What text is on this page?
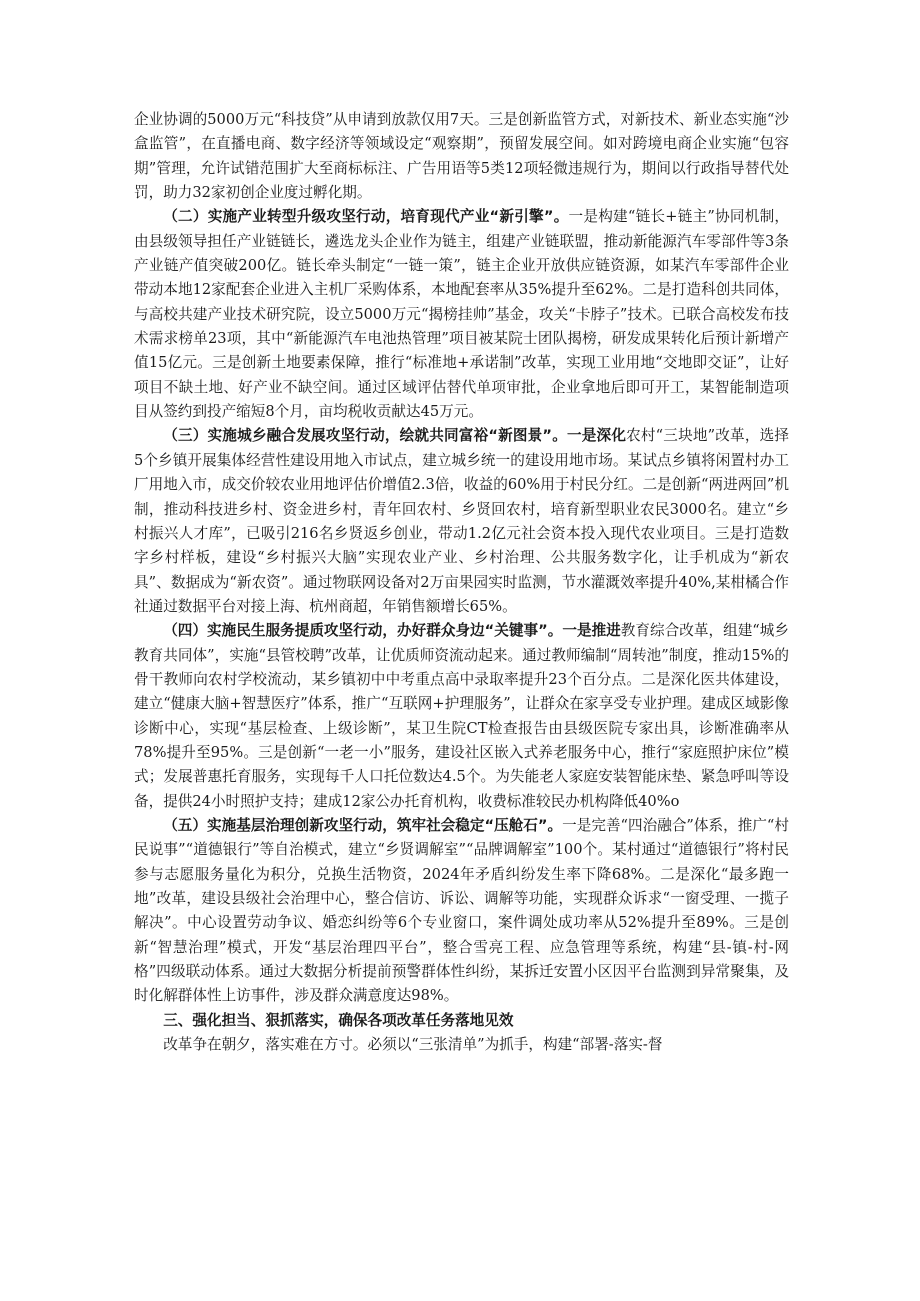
企业协调的5000万元“科技贷”从申请到放款仅用7天。三是创新监管方式，对新技术、新业态实施“沙盒监管”，在直播电商、数字经济等领域设定“观察期”，预留发展空间。如对跨境电商企业实施“包容期”管理，允许试错范围扩大至商标标注、广告用语等5类12项轻微违规行为，期间以行政指导替代处罚，助力32家初创企业度过孵化期。

（二）实施产业转型升级攻坚行动，培育现代产业“新引擎”。一是构建“链长+链主”协同机制，由县级领导担任产业链链长，遴选龙头企业作为链主，组建产业链联盟，推动新能源汽车零部件等3条产业链产值突破200亿。链长牵头制定“一链一策”，链主企业开放供应链资源，如某汽车零部件企业带动本地12家配套企业进入主机厂采购体系，本地配套率从35%提升至62%。二是打造科创共同体，与高校共建产业技术研究院，设立5000万元“揭榜挂帅”基金，攻关“卡脖子”技术。已联合高校发布技术需求榜单23项，其中“新能源汽车电池热管理”项目被某院士团队揭榜，研发成果转化后预计新增产值15亿元。三是创新土地要素保障，推行“标准地+承诺制”改革，实现工业用地“交地即交证”，让好项目不缺土地、好产业不缺空间。通过区域评估替代单项审批，企业拿地后即可开工，某智能制造项目从签约到投产缩短8个月，亩均税收贡献达45万元。

（三）实施城乡融合发展攻坚行动，绘就共同富裕“新图景”。一是深化农村“三块地”改革，选择5个乡镇开展集体经营性建设用地入市试点，建立城乡统一的建设用地市场。某试点乡镇将闲置村办工厂用地入市，成交价较农业用地评估价增值2.3倍，收益的60%用于村民分红。二是创新“两进两回”机制，推动科技进乡村、资金进乡村，青年回农村、乡贤回农村，培育新型职业农民3000名。建立“乡村振兴人才库”，已吸引216名乡贤返乡创业，带动1.2亿元社会资本投入现代农业项目。三是打造数字乡村样板，建设“乡村振兴大脑”实现农业产业、乡村治理、公共服务数字化，让手机成为“新农具”、数据成为“新农资”。通过物联网设备对2万亩果园实时监测，节水灌溉效率提升40%,某柑橘合作社通过数据平台对接上海、杭州商超，年销售额增长65%。

（四）实施民生服务提质攻坚行动，办好群众身边“关键事”。一是推进教育综合改革，组建“城乡教育共同体”，实施“县管校聘”改革，让优质师资流动起来。通过教师编制“周转池”制度，推动15%的骨干教师向农村学校流动，某乡镇初中中考重点高中录取率提升23个百分点。二是深化医共体建设，建立“健康大脑+智慧医疗”体系，推广“互联网+护理服务”，让群众在家享受专业护理。建成区域影像诊断中心，实现“基层检查、上级诊断”，某卫生院CT检查报告由县级医院专家出具，诊断准确率从78%提升至95%。三是创新“一老一小”服务，建设社区嵌入式养老服务中心，推行“家庭照护床位”模式；发展普惠托育服务，实现每千人口托位数达4.5个。为失能老人家庭安装智能床垫、紧急呼叫等设备，提供24小时照护支持；建成12家公办托育机构，收费标准较民办机构降低40%o

（五）实施基层治理创新攻坚行动，筑牢社会稳定“压舱石”。一是完善“四治融合”体系，推广“村民说事”“道德银行”等自治模式，建立“乡贤调解室”“品牌调解室”100个。某村通过“道德银行”将村民参与志愿服务量化为积分，兑换生活物资，2024年矛盾纠纷发生率下降68%。二是深化“最多跑一地”改革，建设县级社会治理中心，整合信访、诉讼、调解等功能，实现群众诉求“一窗受理、一揽子解决”。中心设置劳动争议、婚恋纠纷等6个专业窗口，案件调处成功率从52%提升至89%。三是创新“智慧治理”模式，开发“基层治理四平台”，整合雪亮工程、应急管理等系统，构建“县-镇-村-网格”四级联动体系。通过大数据分析提前预警群体性纠纷，某拆迁安置小区因平台监测到异常聚集，及时化解群体性上访事件，涉及群众满意度达98%。

三、强化担当、狠抓落实，确保各项改革任务落地见效

改革争在朝夕，落实难在方寸。必须以“三张清单”为抓手，构建“部署-落实-督
